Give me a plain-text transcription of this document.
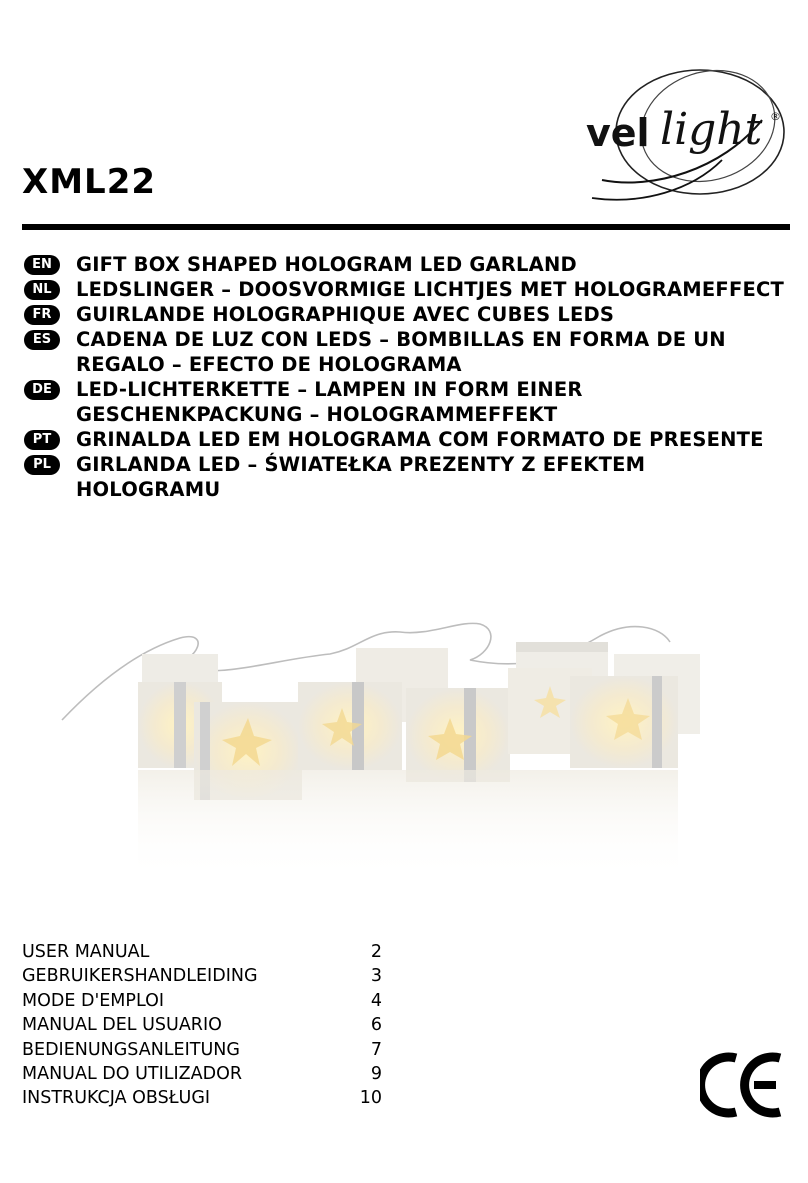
vel light ®
XML22
EN	GIFT BOX SHAPED HOLOGRAM LED GARLAND
NL	LEDSLINGER – DOOSVORMIGE LICHTJES MET HOLOGRAMEFFECT
FR	GUIRLANDE HOLOGRAPHIQUE AVEC CUBES LEDS
ES	CADENA DE LUZ CON LEDS – BOMBILLAS EN FORMA DE UN REGALO – EFECTO DE HOLOGRAMA
DE	LED-LICHTERKETTE – LAMPEN IN FORM EINER GESCHENKPACKUNG – HOLOGRAMMEFFEKT
PT	GRINALDA LED EM HOLOGRAMA COM FORMATO DE PRESENTE
PL	GIRLANDA LED – ŚWIATEŁKA PREZENTY Z EFEKTEM HOLOGRAMU
USER MANUAL	2
GEBRUIKERSHANDLEIDING	3
MODE D'EMPLOI	4
MANUAL DEL USUARIO	6
BEDIENUNGSANLEITUNG	7
MANUAL DO UTILIZADOR	9
INSTRUKCJA OBSŁUGI	10
